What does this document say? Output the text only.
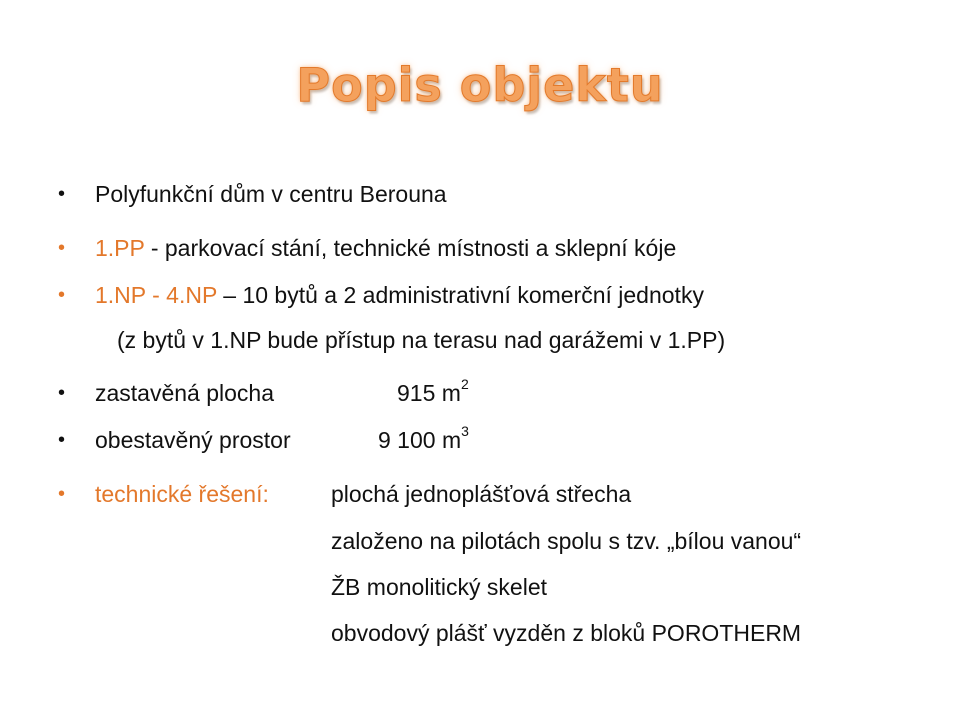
Popis objektu
•	Polyfunkční dům v centru Berouna
•	1.PP - parkovací stání, technické místnosti a sklepní kóje
•	1.NP - 4.NP – 10 bytů a 2 administrativní komerční jednotky
(z bytů v 1.NP bude přístup na terasu nad garážemi v 1.PP)
•	zastavěná plocha	915 $m^2$
•	obestavěný prostor	9 100 $m^3$
•	technické řešení:	plochá jednoplášťová střecha
založeno na pilotách spolu s tzv. „bílou vanou“
ŽB monolitický skelet
obvodový plášť vyzděn z bloků POROTHERM
